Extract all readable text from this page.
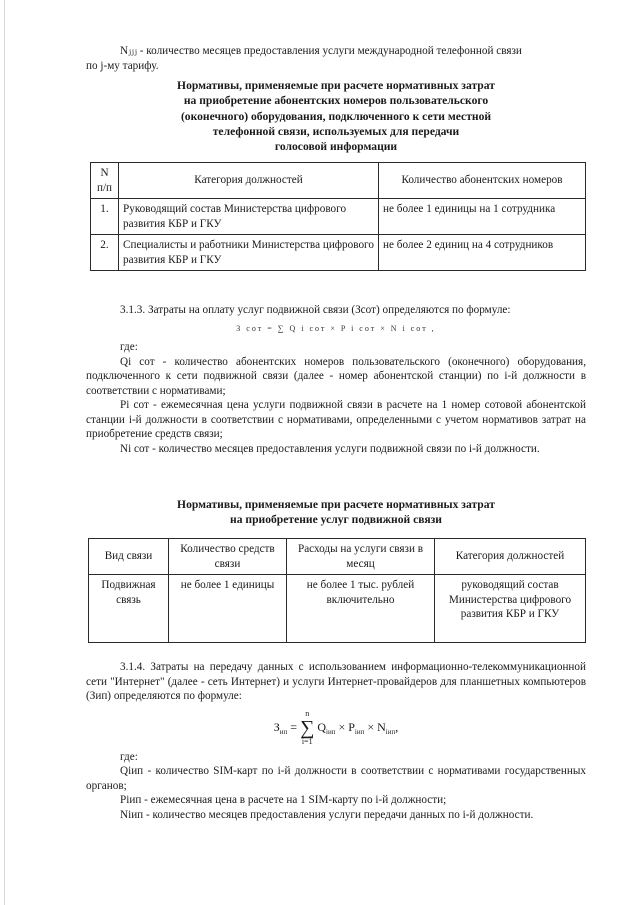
Nⱼⱼⱼ - количество месяцев предоставления услуги международной телефонной связи

по j-му тарифу.

Нормативы, применяемые при расчете нормативных затрат
на приобретение абонентских номеров пользовательского
(оконечного) оборудования, подключенного к сети местной
телефонной связи, используемых для передачи
голосовой информации
N п/п	Категория должностей	Количество абонентских номеров
1.	Руководящий состав Министерства цифрового развития КБР и ГКУ	не более 1 единицы на 1 сотрудника
2.	Специалисты и работники Министерства цифрового развития КБР и ГКУ	не более 2 единиц на 4 сотрудников

3.1.3. Затраты на оплату услуг подвижной связи (Зсот) определяются по формуле:

З сот = ∑ Q i сот × P i сот × N i сот ,

где:

Qi сот - количество абонентских номеров пользовательского (оконечного) оборудования, подключенного к сети подвижной связи (далее - номер абонентской станции) по i-й должности в соответствии с нормативами;

Pi сот - ежемесячная цена услуги подвижной связи в расчете на 1 номер сотовой абонентской станции i-й должности в соответствии с нормативами, определенными с учетом нормативов затрат на приобретение средств связи;

Ni сот - количество месяцев предоставления услуги подвижной связи по i-й должности.

Нормативы, применяемые при расчете нормативных затрат
на приобретение услуг подвижной связи
Вид связи	Количество средств связи	Расходы на услуги связи в месяц	Категория должностей
Подвижная связь	не более 1 единицы	не более 1 тыс. рублей включительно	руководящий состав Министерства цифрового развития КБР и ГКУ

3.1.4. Затраты на передачу данных с использованием информационно-телекоммуникационной сети "Интернет" (далее - сеть Интернет) и услуги Интернет-провайдеров для планшетных компьютеров (Зип) определяются по формуле:

$З_{ип}$ =
n
∑
i=1
$Q_{iип} \times P_{iип} \times N_{iип}$,

где:

Qiип - количество SIM-карт по i-й должности в соответствии с нормативами государственных органов;

Piип - ежемесячная цена в расчете на 1 SIM-карту по i-й должности;

Niип - количество месяцев предоставления услуги передачи данных по i-й должности.
